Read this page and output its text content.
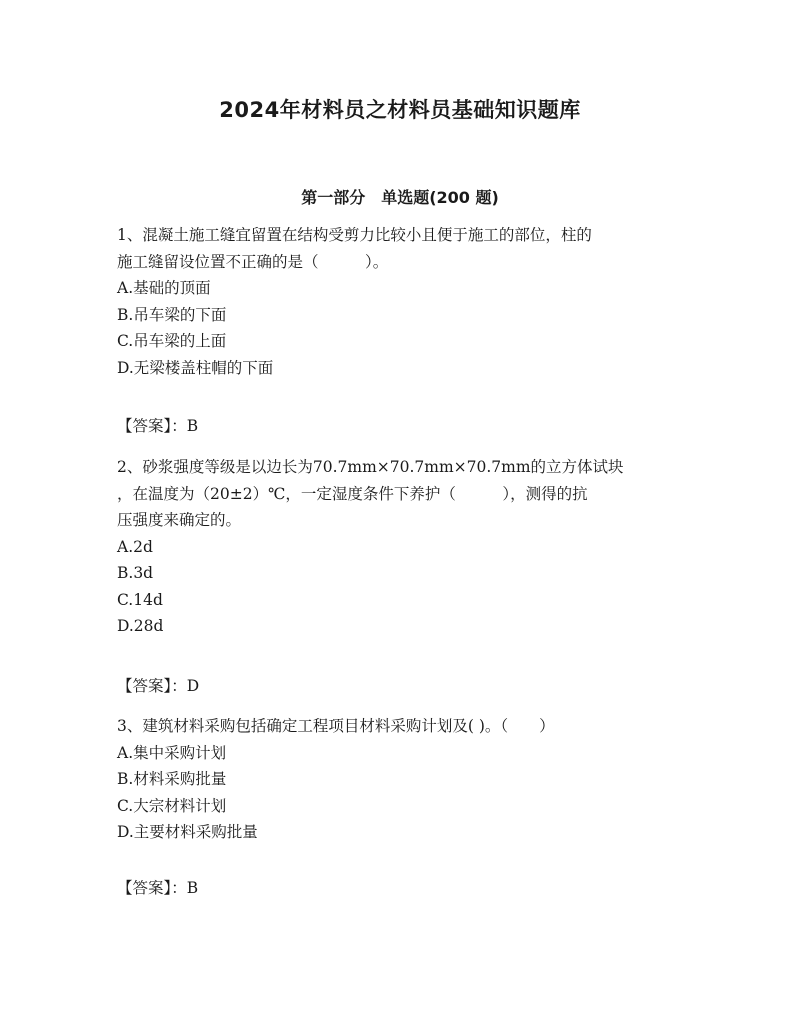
2024年材料员之材料员基础知识题库
第一部分　单选题(200 题)

1、混凝土施工缝宜留置在结构受剪力比较小且便于施工的部位，柱的

施工缝留设位置不正确的是（　　　）。

A.基础的顶面

B.吊车梁的下面

C.吊车梁的上面

D.无梁楼盖柱帽的下面

【答案】：B

2、砂浆强度等级是以边长为70.7mm×70.7mm×70.7mm的立方体试块

，在温度为（20±2）℃，一定湿度条件下养护（　　　），测得的抗

压强度来确定的。

A.2d

B.3d

C.14d

D.28d

【答案】：D

3、建筑材料采购包括确定工程项目材料采购计划及( )。（　　）

A.集中采购计划

B.材料采购批量

C.大宗材料计划

D.主要材料采购批量

【答案】：B
